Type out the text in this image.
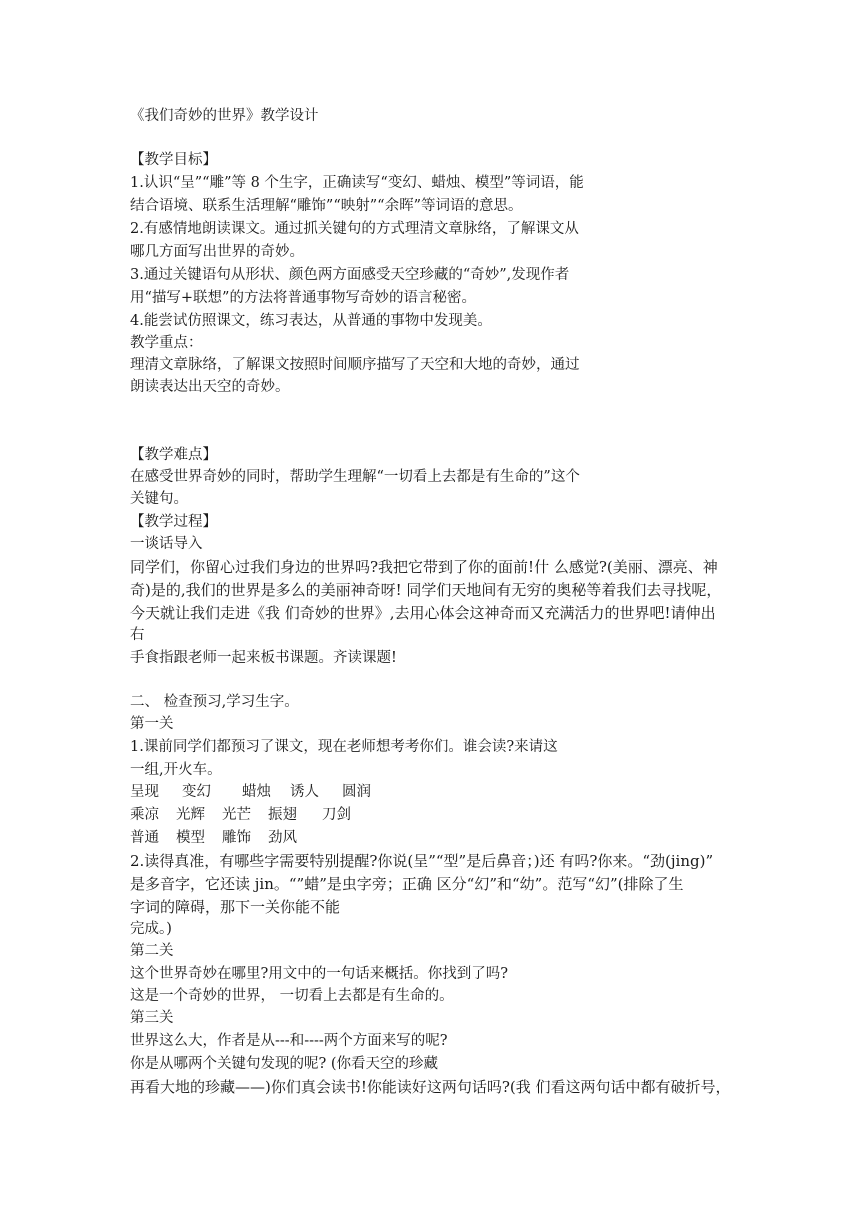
《我们奇妙的世界》教学设计
【教学目标】
1.认识“呈”“雕”等 8 个生字，正确读写“变幻、蜡烛、模型”等词语，能
结合语境、联系生活理解“雕饰”“映射”“余晖”等词语的意思。
2.有感情地朗读课文。通过抓关键句的方式理清文章脉络，了解课文从
哪几方面写出世界的奇妙。
3.通过关键语句从形状、颜色两方面感受天空珍藏的“奇妙”,发现作者
用“描写+联想”的方法将普通事物写奇妙的语言秘密。
4.能尝试仿照课文，练习表达，从普通的事物中发现美。
教学重点：
理清文章脉络，了解课文按照时间顺序描写了天空和大地的奇妙，通过
朗读表达出天空的奇妙。
【教学难点】
在感受世界奇妙的同时，帮助学生理解“一切看上去都是有生命的”这个
关键句。
【教学过程】
一谈话导入
同学们，你留心过我们身边的世界吗?我把它带到了你的面前!什 么感觉?(美丽、漂亮、神
奇)是的,我们的世界是多么的美丽神奇呀! 同学们天地间有无穷的奥秘等着我们去寻找呢，
今天就让我们走进《我 们奇妙的世界》,去用心体会这神奇而又充满活力的世界吧!请伸出
右
手食指跟老师一起来板书课题。齐读课题!
二、 检查预习,学习生字。
第一关
1.课前同学们都预习了课文，现在老师想考考你们。谁会读?来请这
一组,开火车。
呈现 变幻 蜡烛 诱人 圆润
乘凉 光辉 光芒 振翅 刀剑
普通 模型 雕饰 劲风
2.读得真准，有哪些字需要特别提醒?你说(呈”“型”是后鼻音；)还 有吗?你来。“劲(jing)”
是多音字，它还读 jin。“”蜡”是虫字旁；正确 区分“幻”和“幼”。范写“幻”(排除了生
字词的障碍，那下一关你能不能
完成。)
第二关
这个世界奇妙在哪里?用文中的一句话来概括。你找到了吗?
这是一个奇妙的世界， 一切看上去都是有生命的。
第三关
世界这么大，作者是从---和----两个方面来写的呢?
你是从哪两个关键句发现的呢? (你看天空的珍藏
再看大地的珍藏——)你们真会读书!你能读好这两句话吗?(我 们看这两句话中都有破折号，
